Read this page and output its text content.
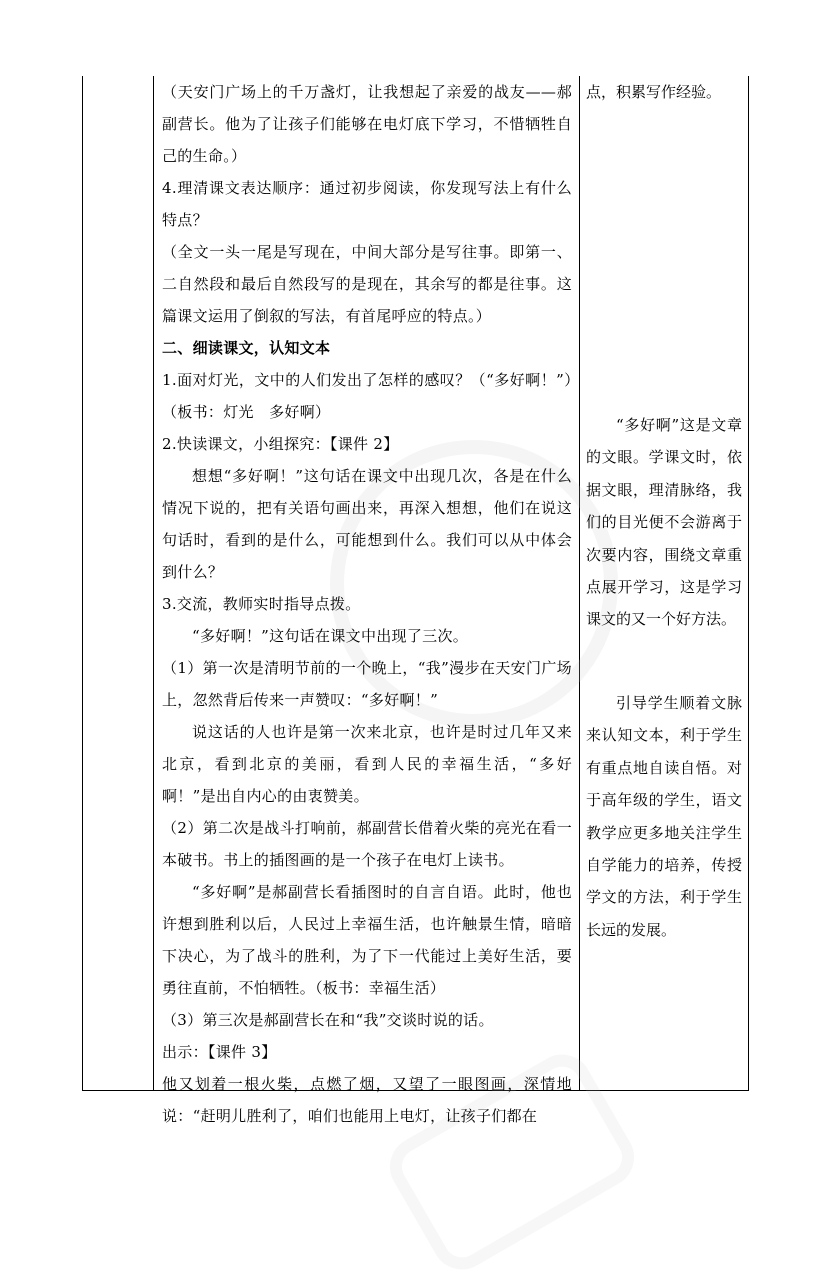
（天安门广场上的千万盏灯，让我想起了亲爱的战友——郝副营长。他为了让孩子们能够在电灯底下学习，不惜牺牲自己的生命。）

4.理清课文表达顺序：通过初步阅读，你发现写法上有什么特点？

（全文一头一尾是写现在，中间大部分是写往事。即第一、二自然段和最后自然段写的是现在，其余写的都是往事。这篇课文运用了倒叙的写法，有首尾呼应的特点。）

二、细读课文，认知文本

1.面对灯光，文中的人们发出了怎样的感叹？（“多好啊！”）（板书：灯光　多好啊）

2.快读课文，小组探究：【课件 2】

想想“多好啊！”这句话在课文中出现几次，各是在什么情况下说的，把有关语句画出来，再深入想想，他们在说这句话时，看到的是什么，可能想到什么。我们可以从中体会到什么？

3.交流，教师实时指导点拨。

“多好啊！”这句话在课文中出现了三次。

（1）第一次是清明节前的一个晚上，“我”漫步在天安门广场上，忽然背后传来一声赞叹：“多好啊！”

说这话的人也许是第一次来北京，也许是时过几年又来北京，看到北京的美丽，看到人民的幸福生活，“多好啊！”是出自内心的由衷赞美。

（2）第二次是战斗打响前，郝副营长借着火柴的亮光在看一本破书。书上的插图画的是一个孩子在电灯上读书。

“多好啊”是郝副营长看插图时的自言自语。此时，他也许想到胜利以后，人民过上幸福生活，也许触景生情，暗暗下决心，为了战斗的胜利，为了下一代能过上美好生活，要勇往直前，不怕牺牲。（板书：幸福生活）

（3）第三次是郝副营长在和“我”交谈时说的话。

出示：【课件 3】

他又划着一根火柴，点燃了烟，又望了一眼图画，深情地说：“赶明儿胜利了，咱们也能用上电灯，让孩子们都在

点，积累写作经验。

“多好啊”这是文章的文眼。学课文时，依据文眼，理清脉络，我们的目光便不会游离于次要内容，围绕文章重点展开学习，这是学习课文的又一个好方法。

引导学生顺着文脉来认知文本，利于学生有重点地自读自悟。对于高年级的学生，语文教学应更多地关注学生自学能力的培养，传授学文的方法，利于学生长远的发展。
